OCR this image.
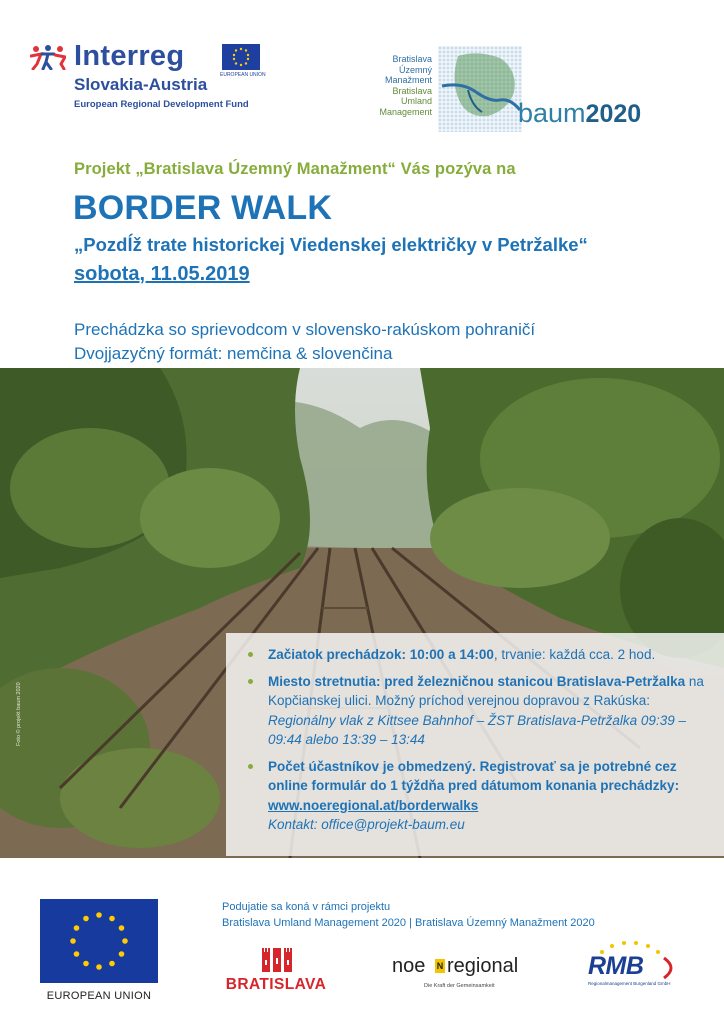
Interreg
EUROPEAN UNION
Slovakia-Austria
European Regional Development Fund
Bratislava
Územný
Manažment
Bratislava
Umland
Management	baum2020
Projekt „Bratislava Územný Manažment“ Vás pozýva na
BORDER WALK
„Pozdĺž trate historickej Viedenskej električky v Petržalke“
sobota, 11.05.2019
Prechádzka so sprievodcom v slovensko-rakúskom pohraničí
Dvojjazyčný formát: nemčina & slovenčina
Foto © projekt baum 2020
Začiatok prechádzok: 10:00 a 14:00, trvanie: každá cca. 2 hod.
Miesto stretnutia: pred železničnou stanicou Bratislava-Petržalka na Kopčianskej ulici. Možný príchod verejnou dopravou z Rakúska: Regionálny vlak z Kittsee Bahnhof – ŽST Bratislava-Petržalka 09:39 – 09:44 alebo 13:39 – 13:44
Počet účastníkov je obmedzený. Registrovať sa je potrebné cez online formulár do 1 týždňa pred dátumom konania prechádzky: www.noeregional.at/borderwalks
Kontakt: office@projekt-baum.eu
EUROPEAN UNION
Podujatie sa koná v rámci projektu
Bratislava Umland Management 2020 | Bratislava Územný Manažment 2020
BRATISLAVA
noe N regional
Die Kraft der Gemeinsamkeit
RMB
Regionalmanagement Burgenland GmbH
